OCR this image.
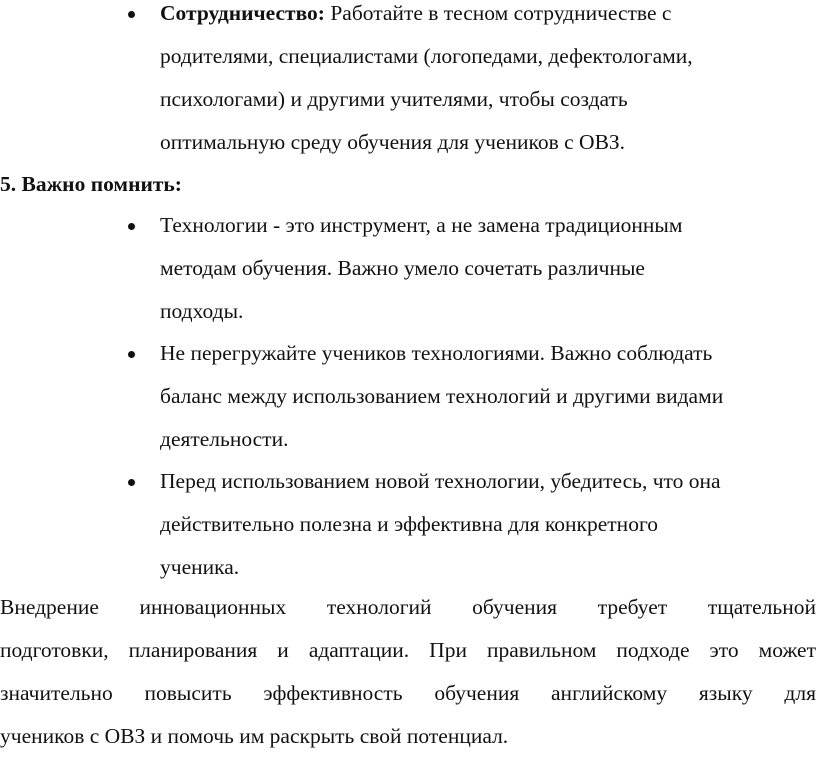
Сотрудничество: Работайте в тесном сотрудничестве с
родителями, специалистами (логопедами, дефектологами,
психологами) и другими учителями, чтобы создать
оптимальную среду обучения для учеников с ОВЗ.
5. Важно помнить:
Технологии - это инструмент, а не замена традиционным
методам обучения. Важно умело сочетать различные
подходы.
Не перегружайте учеников технологиями. Важно соблюдать
баланс между использованием технологий и другими видами
деятельности.
Перед использованием новой технологии, убедитесь, что она
действительно полезна и эффективна для конкретного
ученика.
Внедрение инновационных технологий обучения требует тщательной
подготовки, планирования и адаптации. При правильном подходе это может
значительно повысить эффективность обучения английскому языку для
учеников с ОВЗ и помочь им раскрыть свой потенциал.
